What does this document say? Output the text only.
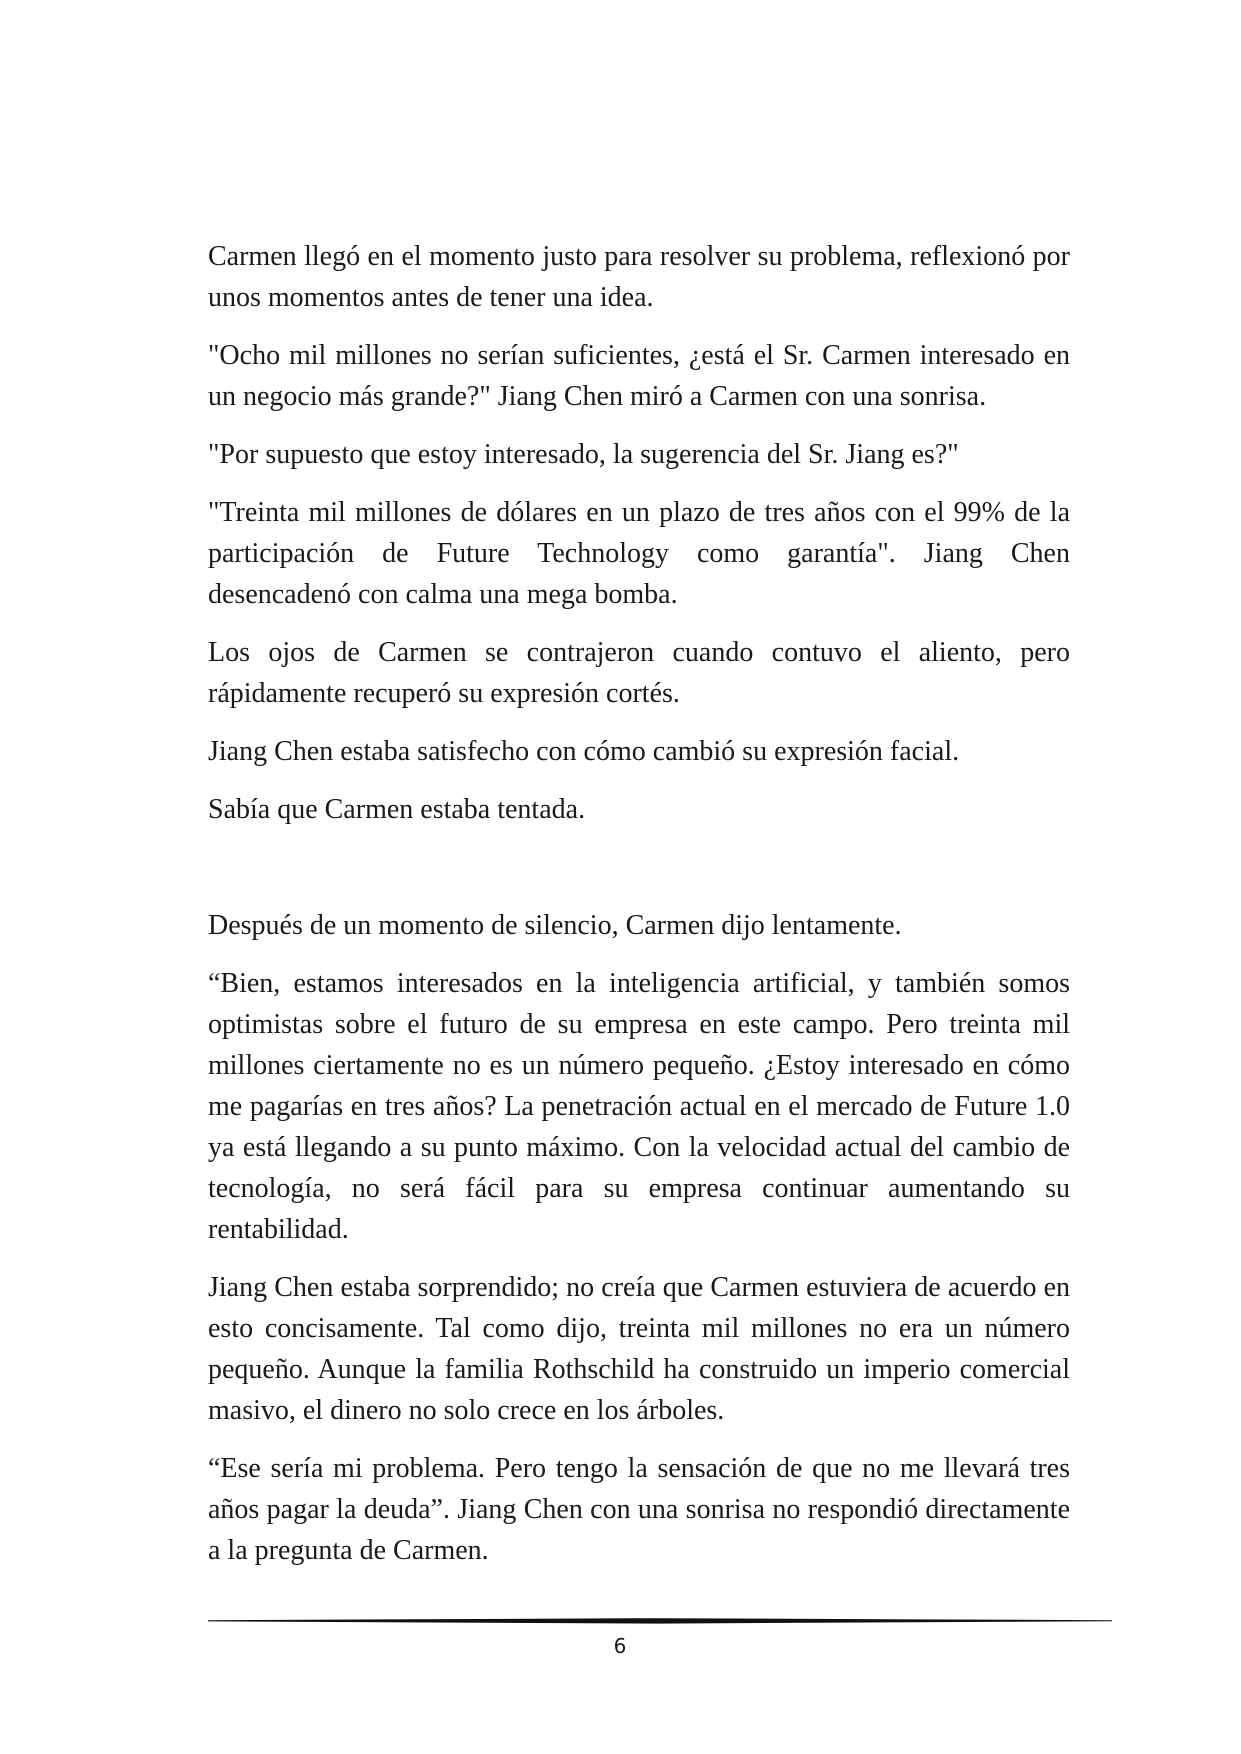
Carmen llegó en el momento justo para resolver su problema, reflexionó por unos momentos antes de tener una idea.

"Ocho mil millones no serían suficientes, ¿está el Sr. Carmen interesado en un negocio más grande?" Jiang Chen miró a Carmen con una sonrisa.

"Por supuesto que estoy interesado, la sugerencia del Sr. Jiang es?"

"Treinta mil millones de dólares en un plazo de tres años con el 99% de la participación de Future Technology como garantía". Jiang Chen desencadenó con calma una mega bomba.

Los ojos de Carmen se contrajeron cuando contuvo el aliento, pero rápidamente recuperó su expresión cortés.

Jiang Chen estaba satisfecho con cómo cambió su expresión facial.

Sabía que Carmen estaba tentada.

Después de un momento de silencio, Carmen dijo lentamente.

“Bien, estamos interesados en la inteligencia artificial, y también somos optimistas sobre el futuro de su empresa en este campo. Pero treinta mil millones ciertamente no es un número pequeño. ¿Estoy interesado en cómo me pagarías en tres años? La penetración actual en el mercado de Future 1.0 ya está llegando a su punto máximo. Con la velocidad actual del cambio de tecnología, no será fácil para su empresa continuar aumentando su rentabilidad.

Jiang Chen estaba sorprendido; no creía que Carmen estuviera de acuerdo en esto concisamente. Tal como dijo, treinta mil millones no era un número pequeño. Aunque la familia Rothschild ha construido un imperio comercial masivo, el dinero no solo crece en los árboles.

“Ese sería mi problema. Pero tengo la sensación de que no me llevará tres años pagar la deuda”. Jiang Chen con una sonrisa no respondió directamente a la pregunta de Carmen.

6
